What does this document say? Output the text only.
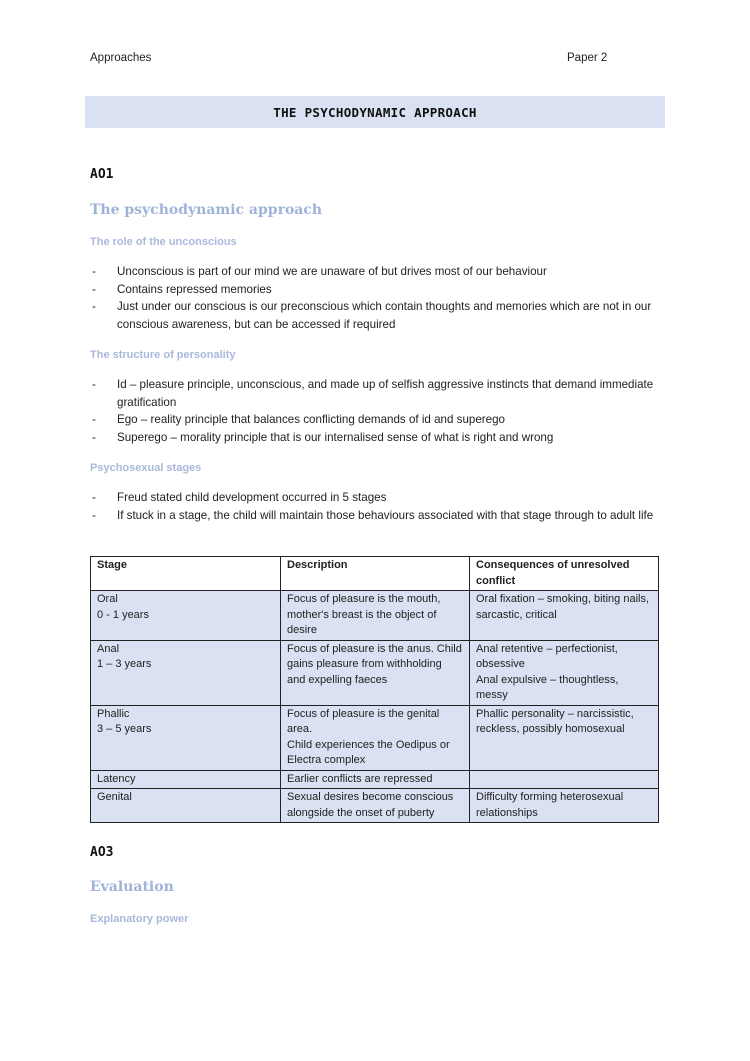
Approaches	Paper 2
THE PSYCHODYNAMIC APPROACH
AO1
The psychodynamic approach
The role of the unconscious
- Unconscious is part of our mind we are unaware of but drives most of our behaviour
- Contains repressed memories
- Just under our conscious is our preconscious which contain thoughts and memories which are not in our conscious awareness, but can be accessed if required
The structure of personality
- Id – pleasure principle, unconscious, and made up of selfish aggressive instincts that demand immediate gratification
- Ego – reality principle that balances conflicting demands of id and superego
- Superego – morality principle that is our internalised sense of what is right and wrong
Psychosexual stages
- Freud stated child development occurred in 5 stages
- If stuck in a stage, the child will maintain those behaviours associated with that stage through to adult life
Stage	Description	Consequences of unresolved conflict

Oral
0 - 1 years	Focus of pleasure is the mouth, mother's breast is the object of desire	Oral fixation – smoking, biting nails, sarcastic, critical

Anal
1 – 3 years	Focus of pleasure is the anus. Child gains pleasure from withholding and expelling faeces	Anal retentive – perfectionist, obsessive
Anal expulsive – thoughtless, messy

Phallic
3 – 5 years	Focus of pleasure is the genital area.
Child experiences the Oedipus or Electra complex	Phallic personality – narcissistic, reckless, possibly homosexual

Latency	Earlier conflicts are repressed	

Genital	Sexual desires become conscious alongside the onset of puberty	Difficulty forming heterosexual relationships
AO3
Evaluation
Explanatory power
